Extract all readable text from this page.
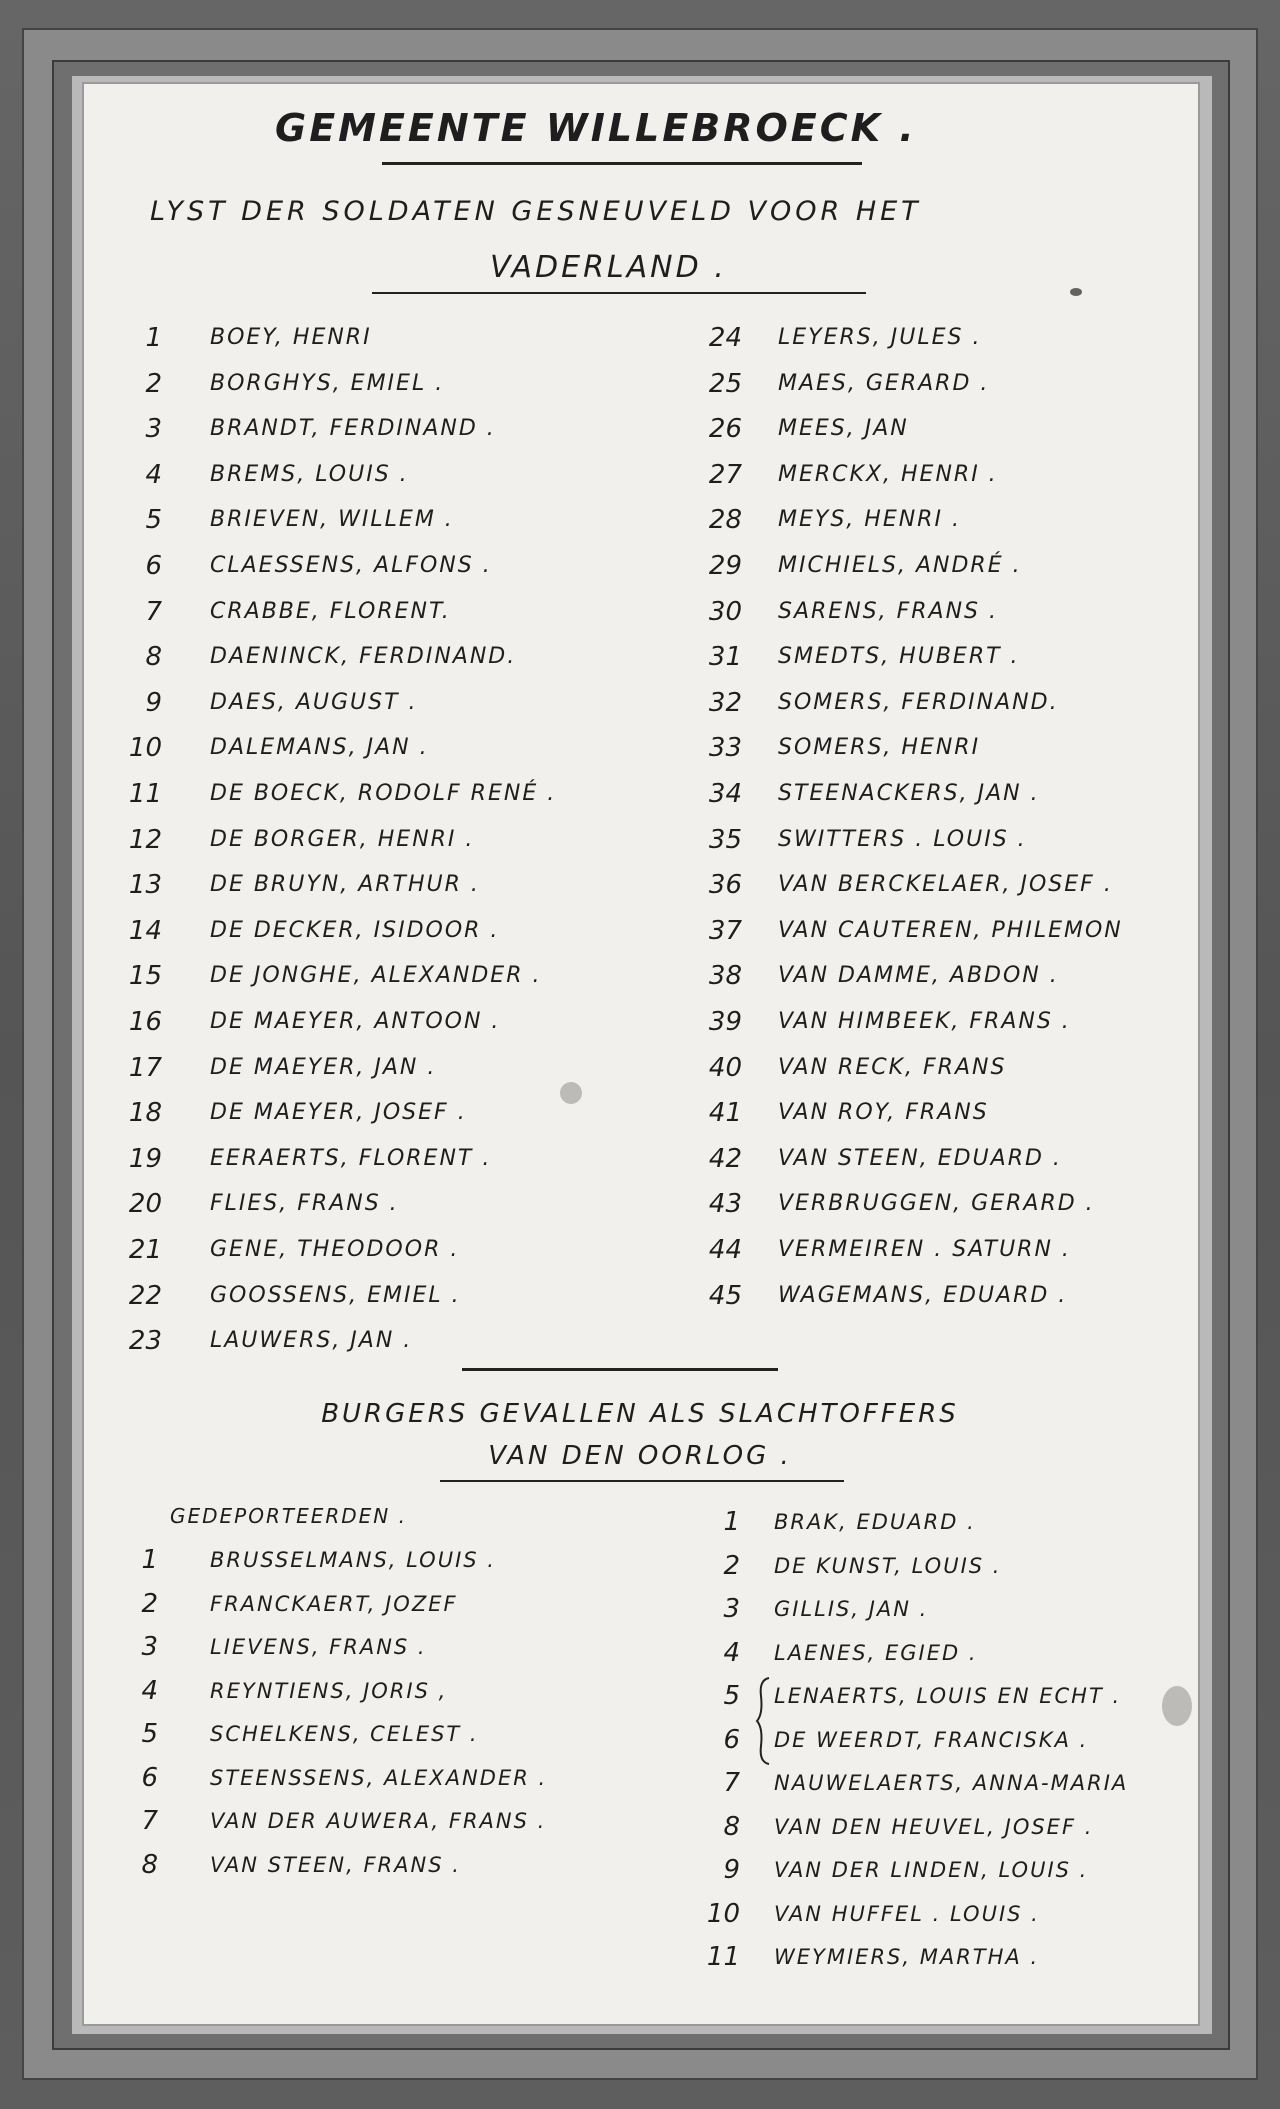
GEMEENTE WILLEBROECK .
LYST DER SOLDATEN GESNEUVELD VOOR HET
VADERLAND .
1 BOEY, HENRI
2 BORGHYS, EMIEL .
3 BRANDT, FERDINAND .
4 BREMS, LOUIS .
5 BRIEVEN, WILLEM .
6 CLAESSENS, ALFONS .
7 CRABBE, FLORENT.
8 DAENINCK, FERDINAND.
9 DAES, AUGUST .
10 DALEMANS, JAN .
11 DE BOECK, RODOLF RENÉ .
12 DE BORGER, HENRI .
13 DE BRUYN, ARTHUR .
14 DE DECKER, ISIDOOR .
15 DE JONGHE, ALEXANDER .
16 DE MAEYER, ANTOON .
17 DE MAEYER, JAN .
18 DE MAEYER, JOSEF .
19 EERAERTS, FLORENT .
20 FLIES, FRANS .
21 GENE, THEODOOR .
22 GOOSSENS, EMIEL .
23 LAUWERS, JAN .
24 LEYERS, JULES .
25 MAES, GERARD .
26 MEES, JAN
27 MERCKX, HENRI .
28 MEYS, HENRI .
29 MICHIELS, ANDRÉ .
30 SARENS, FRANS .
31 SMEDTS, HUBERT .
32 SOMERS, FERDINAND.
33 SOMERS, HENRI
34 STEENACKERS, JAN .
35 SWITTERS . LOUIS .
36 VAN BERCKELAER, JOSEF .
37 VAN CAUTEREN, PHILEMON
38 VAN DAMME, ABDON .
39 VAN HIMBEEK, FRANS .
40 VAN RECK, FRANS
41 VAN ROY, FRANS
42 VAN STEEN, EDUARD .
43 VERBRUGGEN, GERARD .
44 VERMEIREN . SATURN .
45 WAGEMANS, EDUARD .
BURGERS GEVALLEN ALS SLACHTOFFERS
VAN DEN OORLOG .
GEDEPORTEERDEN .
1 BRUSSELMANS, LOUIS .
2 FRANCKAERT, JOZEF
3 LIEVENS, FRANS .
4 REYNTIENS, JORIS ,
5 SCHELKENS, CELEST .
6 STEENSSENS, ALEXANDER .
7 VAN DER AUWERA, FRANS .
8 VAN STEEN, FRANS .
1 BRAK, EDUARD .
2 DE KUNST, LOUIS .
3 GILLIS, JAN .
4 LAENES, EGIED .
5 LENAERTS, LOUIS EN ECHT .
6 DE WEERDT, FRANCISKA .
7 NAUWELAERTS, ANNA-MARIA
8 VAN DEN HEUVEL, JOSEF .
9 VAN DER LINDEN, LOUIS .
10 VAN HUFFEL . LOUIS .
11 WEYMIERS, MARTHA .
